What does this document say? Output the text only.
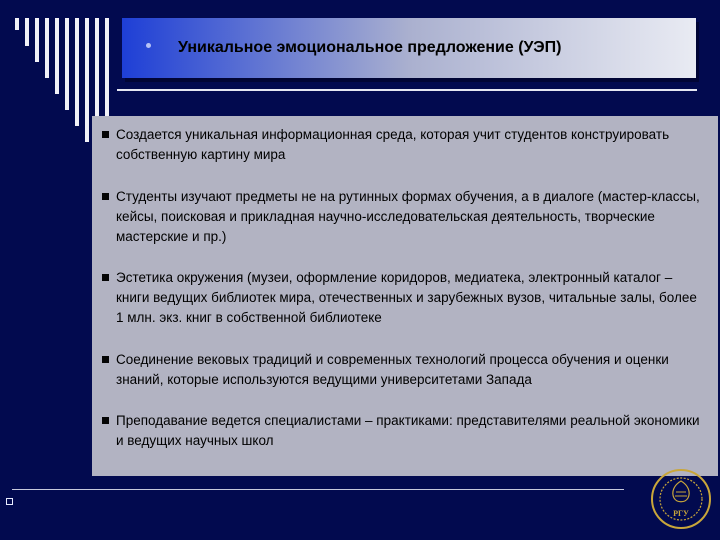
Уникальное эмоциональное предложение (УЭП)
Создается уникальная информационная среда, которая учит студентов конструировать собственную картину мира
Студенты изучают предметы не на рутинных формах обучения, а в диалоге (мастер-классы, кейсы, поисковая и прикладная научно-исследовательская деятельность, творческие мастерские и пр.)
Эстетика окружения (музеи, оформление коридоров, медиатека, электронный каталог – книги ведущих библиотек мира, отечественных и зарубежных вузов, читальные залы, более 1 млн. экз. книг в собственной библиотеке
Соединение вековых традиций и современных технологий процесса обучения и оценки знаний, которые используются ведущими университетами Запада
Преподавание ведется специалистами – практиками: представителями реальной экономики и ведущих научных школ
РГУ
